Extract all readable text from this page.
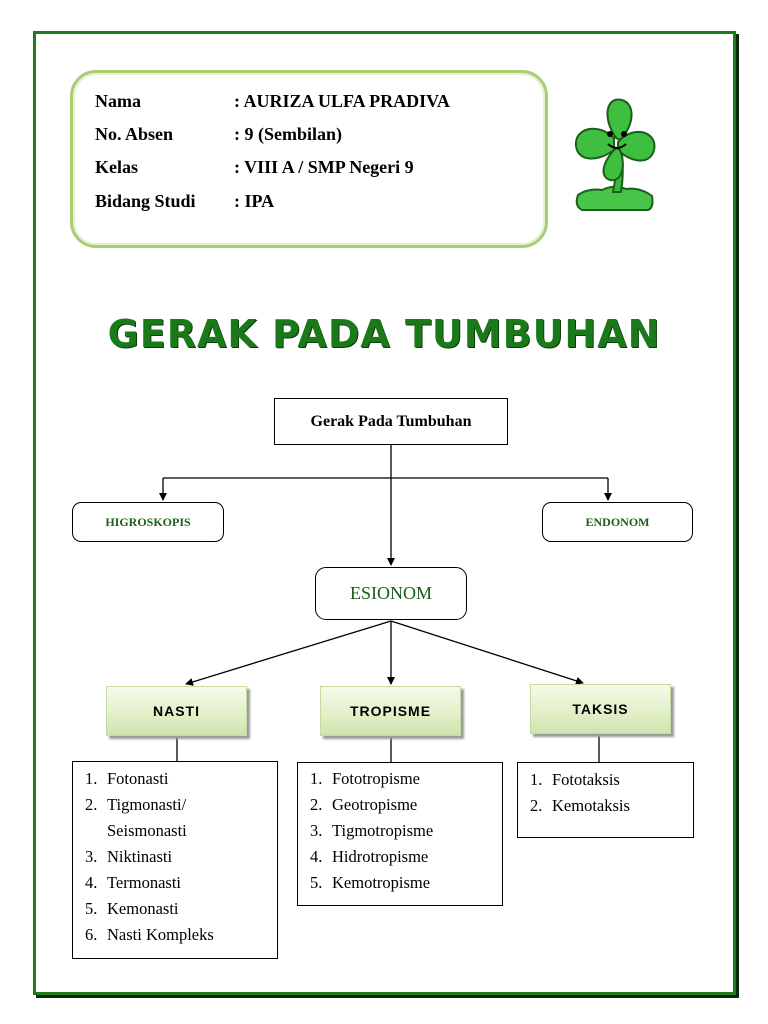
Nama	: AURIZA ULFA PRADIVA
No. Absen	: 9 (Sembilan)
Kelas	: VIII A / SMP Negeri 9
Bidang Studi : IPA
GERAK PADA TUMBUHAN
Gerak Pada Tumbuhan
HIGROSKOPIS	ENDONOM
ESIONOM
NASTI	TROPISME	TAKSIS
1. Fotonasti
2. Tigmonasti/
Seismonasti
3. Niktinasti
4. Termonasti
5. Kemonasti
6. Nasti Kompleks
1. Fototropisme
2. Geotropisme
3. Tigmotropisme
4. Hidrotropisme
5. Kemotropisme
1. Fototaksis
2. Kemotaksis
